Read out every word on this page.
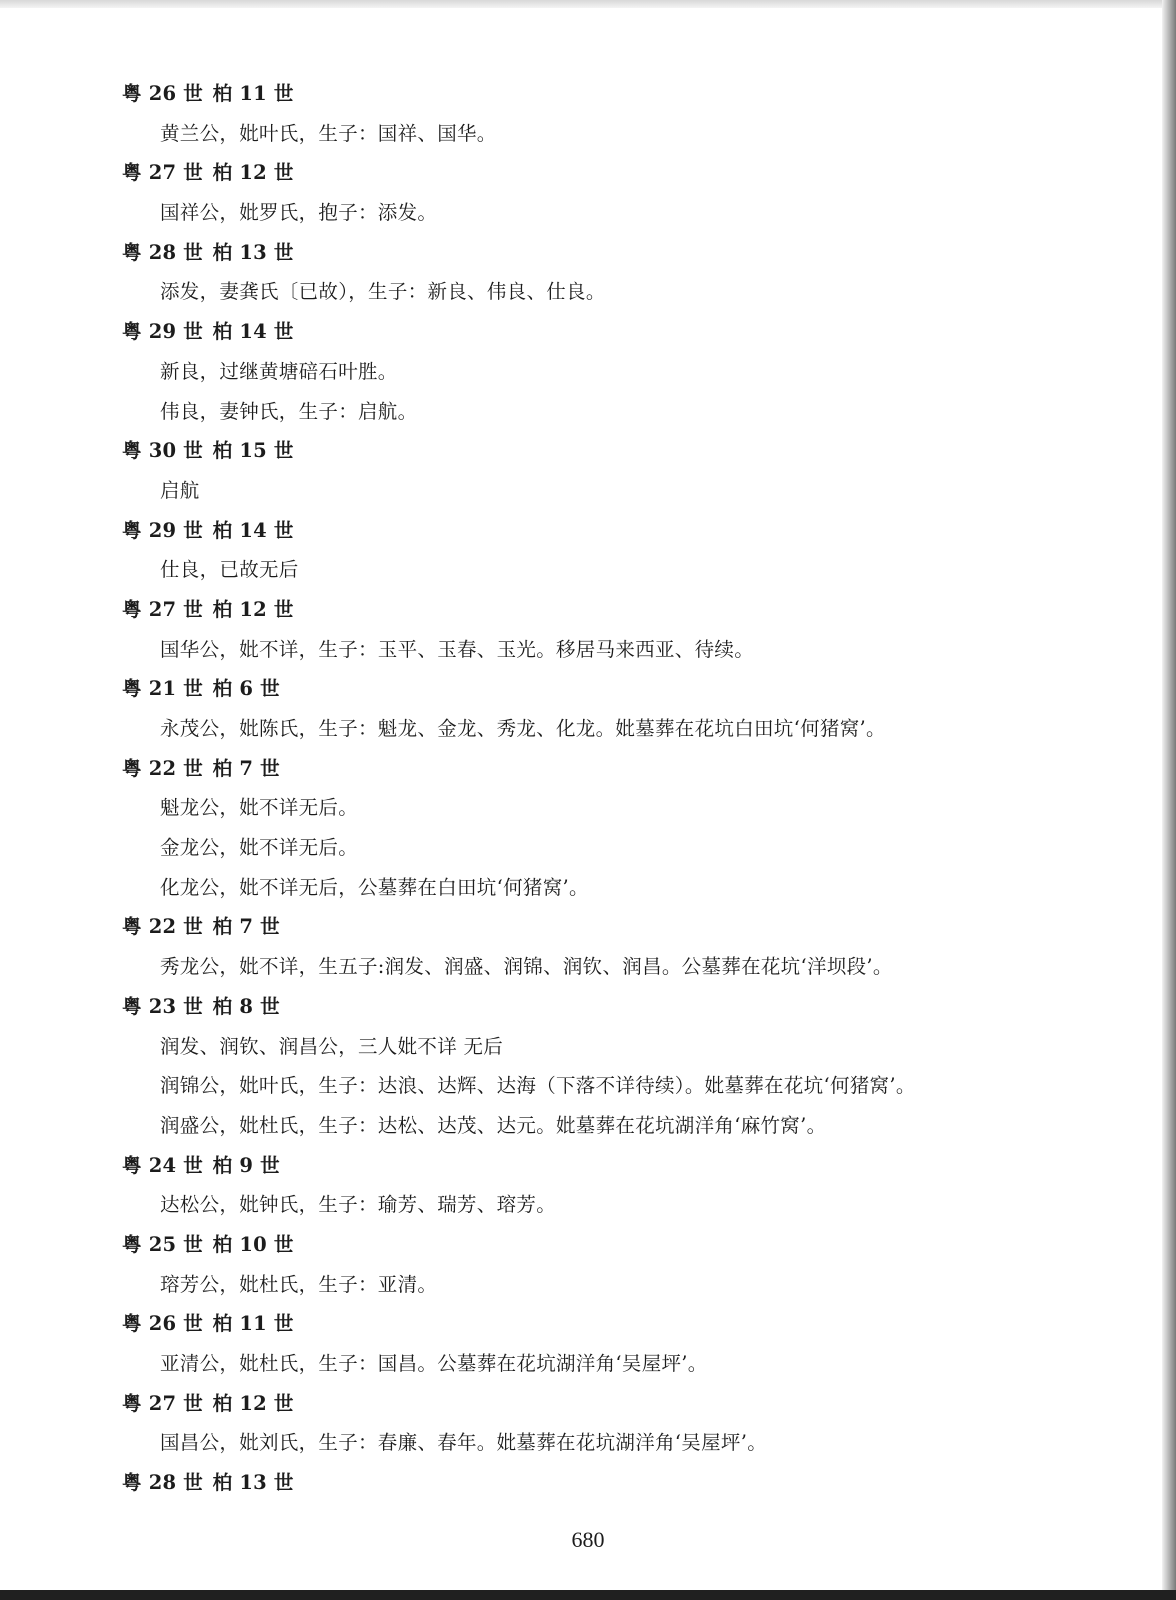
粤 26 世 柏 11 世
黄兰公，妣叶氏，生子：国祥、国华。
粤 27 世 柏 12 世
国祥公，妣罗氏，抱子：添发。
粤 28 世 柏 13 世
添发，妻龚氏〔已故），生子：新良、伟良、仕良。
粤 29 世 柏 14 世
新良，过继黄塘碚石叶胜。
伟良，妻钟氏，生子：启航。
粤 30 世 柏 15 世
启航
粤 29 世 柏 14 世
仕良，已故无后
粤 27 世 柏 12 世
国华公，妣不详，生子：玉平、玉春、玉光。移居马来西亚、待续。
粤 21 世 柏 6 世
永茂公，妣陈氏，生子：魁龙、金龙、秀龙、化龙。妣墓葬在花坑白田坑‘何猪窝’。
粤 22 世 柏 7 世
魁龙公，妣不详无后。
金龙公，妣不详无后。
化龙公，妣不详无后，公墓葬在白田坑‘何猪窝’。
粤 22 世 柏 7 世
秀龙公，妣不详，生五子:润发、润盛、润锦、润钦、润昌。公墓葬在花坑‘洋坝段’。
粤 23 世 柏 8 世
润发、润钦、润昌公，三人妣不详 无后
润锦公，妣叶氏，生子：达浪、达辉、达海（下落不详待续）。妣墓葬在花坑‘何猪窝’。
润盛公，妣杜氏，生子：达松、达茂、达元。妣墓葬在花坑湖洋角‘麻竹窝’。
粤 24 世 柏 9 世
达松公，妣钟氏，生子：瑜芳、瑞芳、瑢芳。
粤 25 世 柏 10 世
瑢芳公，妣杜氏，生子：亚清。
粤 26 世 柏 11 世
亚清公，妣杜氏，生子：国昌。公墓葬在花坑湖洋角‘吴屋坪’。
粤 27 世 柏 12 世
国昌公，妣刘氏，生子：春廉、春年。妣墓葬在花坑湖洋角‘吴屋坪’。
粤 28 世 柏 13 世
680
